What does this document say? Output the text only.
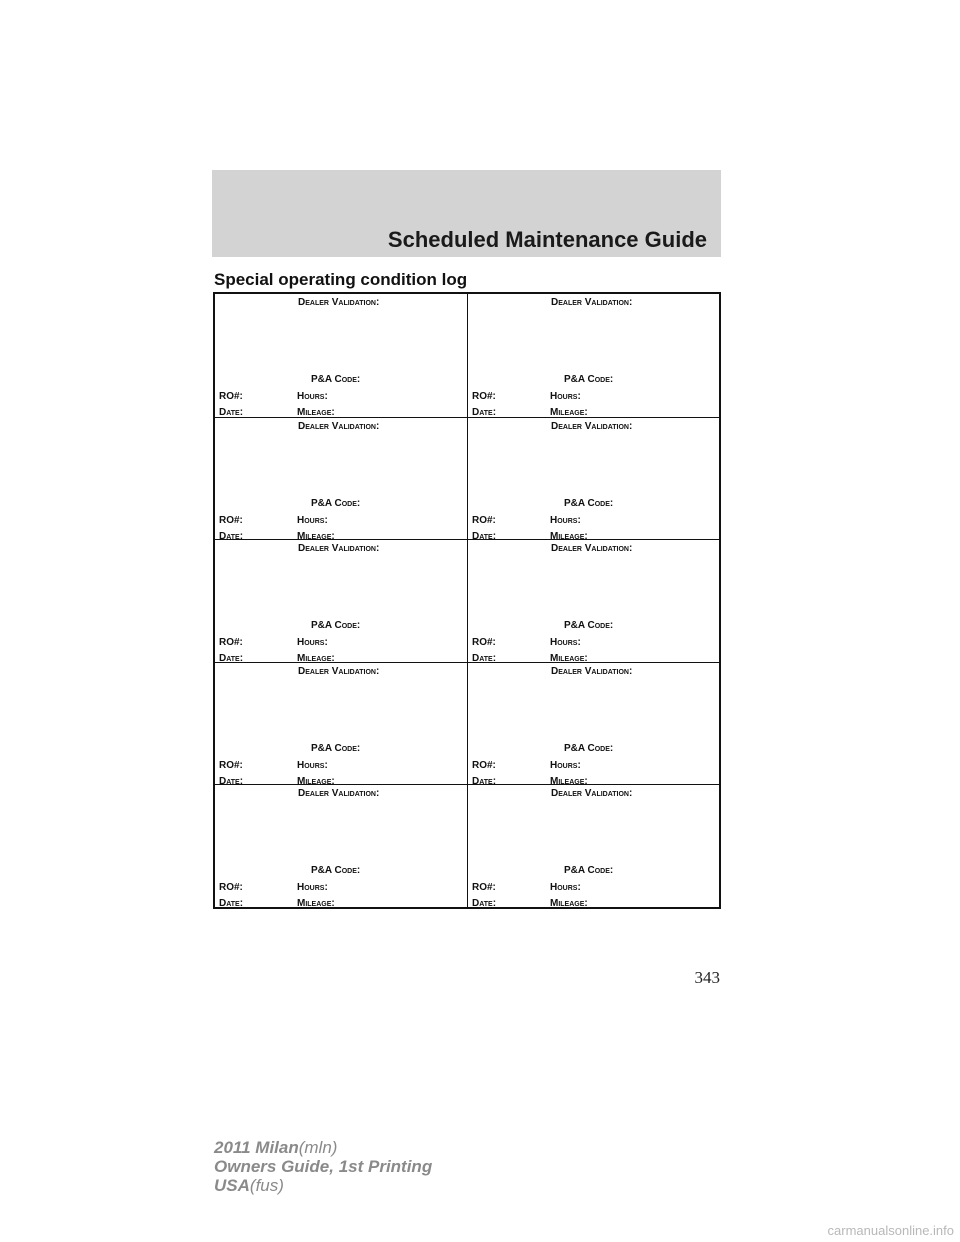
Scheduled Maintenance Guide
Special operating condition log
Dealer Validation:
P&A Code:
RO#:	Hours:
Date:	Mileage:
Dealer Validation:
P&A Code:
RO#:	Hours:
Date:	Mileage:
Dealer Validation:
P&A Code:
RO#:	Hours:
Date:	Mileage:
Dealer Validation:
P&A Code:
RO#:	Hours:
Date:	Mileage:
Dealer Validation:
P&A Code:
RO#:	Hours:
Date:	Mileage:
Dealer Validation:
P&A Code:
RO#:	Hours:
Date:	Mileage:
Dealer Validation:
P&A Code:
RO#:	Hours:
Date:	Mileage:
Dealer Validation:
P&A Code:
RO#:	Hours:
Date:	Mileage:
Dealer Validation:
P&A Code:
RO#:	Hours:
Date:	Mileage:
Dealer Validation:
P&A Code:
RO#:	Hours:
Date:	Mileage:
343
2011 Milan(mln)
Owners Guide, 1st Printing
USA(fus)
carmanualsonline.info
